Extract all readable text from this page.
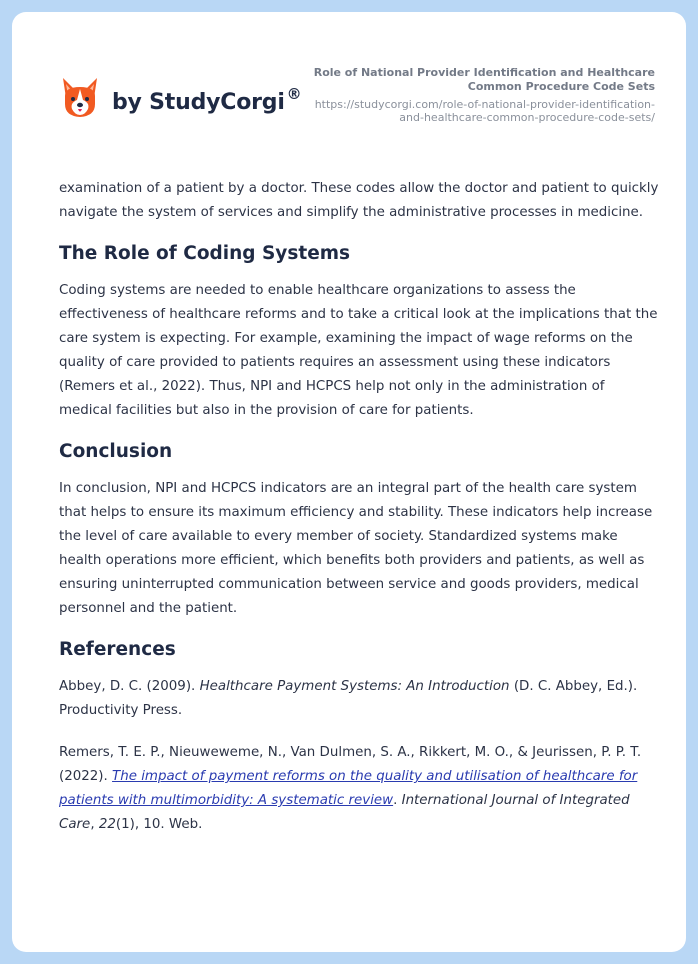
by StudyCorgi ®
Role of National Provider Identification and Healthcare Common Procedure Code Sets
https://studycorgi.com/role-of-national-provider-identification-and-healthcare-common-procedure-code-sets/

examination of a patient by a doctor. These codes allow the doctor and patient to quickly navigate the system of services and simplify the administrative processes in medicine.

The Role of Coding Systems

Coding systems are needed to enable healthcare organizations to assess the effectiveness of healthcare reforms and to take a critical look at the implications that the care system is expecting. For example, examining the impact of wage reforms on the quality of care provided to patients requires an assessment using these indicators (Remers et al., 2022). Thus, NPI and HCPCS help not only in the administration of medical facilities but also in the provision of care for patients.

Conclusion

In conclusion, NPI and HCPCS indicators are an integral part of the health care system that helps to ensure its maximum efficiency and stability. These indicators help increase the level of care available to every member of society. Standardized systems make health operations more efficient, which benefits both providers and patients, as well as ensuring uninterrupted communication between service and goods providers, medical personnel and the patient.

References

Abbey, D. C. (2009). Healthcare Payment Systems: An Introduction (D. C. Abbey, Ed.). Productivity Press.

Remers, T. E. P., Nieuweweme, N., Van Dulmen, S. A., Rikkert, M. O., & Jeurissen, P. P. T. (2022). The impact of payment reforms on the quality and utilisation of healthcare for patients with multimorbidity: A systematic review. International Journal of Integrated Care, 22(1), 10. Web.
